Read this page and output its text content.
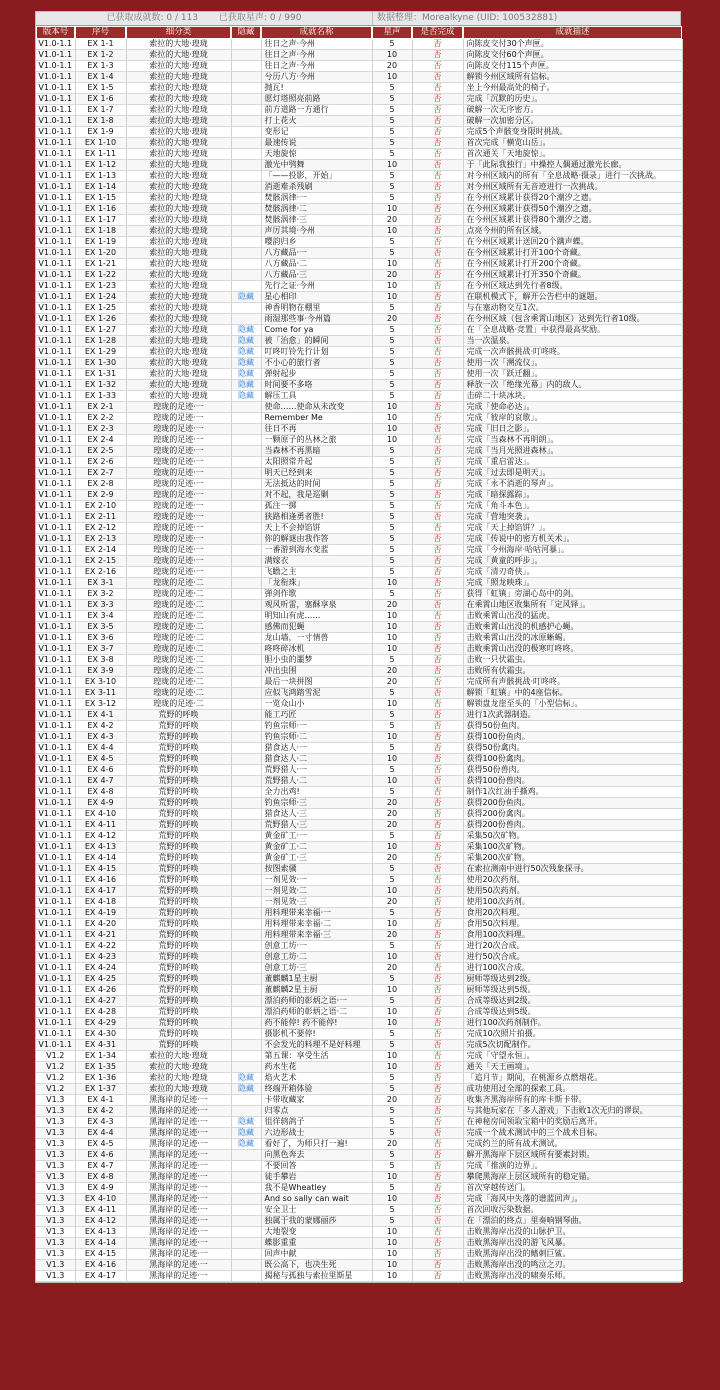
已获取成就数: 0 / 113 　　已获取星声: 0 / 990	数据整理：Morealkyne (UID: 100532881)
版本号	序号	细分类	隐藏	成就名称	星声	是否完成	成就描述

V1.0-1.1	EX 1-1	索拉的大地·瑝珑		往日之声·今州	5	否	向陈皮交付30个声匣。
V1.0-1.1	EX 1-2	索拉的大地·瑝珑		往日之声·今州	10	否	向陈皮交付60个声匣。
V1.0-1.1	EX 1-3	索拉的大地·瑝珑		往日之声·今州	20	否	向陈皮交付115个声匣。
V1.0-1.1	EX 1-4	索拉的大地·瑝珑		兮历八方·今州	10	否	解锁今州区域所有信标。
V1.0-1.1	EX 1-5	索拉的大地·瑝珑		抛瓦!	5	否	坐上今州最高处的椅子。
V1.0-1.1	EX 1-6	索拉的大地·瑝珑		愿灯塔照亮前路	5	否	完成「沉默的历史」。
V1.0-1.1	EX 1-7	索拉的大地·瑝珑		前方道路一方通行	5	否	破解一次无序密方。
V1.0-1.1	EX 1-8	索拉的大地·瑝珑		打上花火	5	否	破解一次加密分区。
V1.0-1.1	EX 1-9	索拉的大地·瑝珑		变形记	5	否	完成5个声骸变身限时挑战。
V1.0-1.1	EX 1-10	索拉的大地·瑝珑		最速传说	5	否	首次完成「横览山岳」。
V1.0-1.1	EX 1-11	索拉的大地·瑝珑		天地旋惊	5	否	首次通关「天地旋惊」。
V1.0-1.1	EX 1-12	索拉的大地·瑝珑		激光中鸮舞	10	否	于「此际我独行」中操控人偶通过激光长廊。
V1.0-1.1	EX 1-13	索拉的大地·瑝珑		「——投影，开始」	5	否	对今州区域内的所有「全息战略·摄录」进行一次挑战。
V1.0-1.1	EX 1-14	索拉的大地·瑝珑		消逝难杀残刷	5	否	对今州区域所有无音迹进行一次挑战。
V1.0-1.1	EX 1-15	索拉的大地·瑝珑		焚骸涡律·一	5	否	在今州区域累计获得20个潮汐之遗。
V1.0-1.1	EX 1-16	索拉的大地·瑝珑		焚骸涡律·二	10	否	在今州区域累计获得50个潮汐之遗。
V1.0-1.1	EX 1-17	索拉的大地·瑝珑		焚骸涡律·三	20	否	在今州区域累计获得80个潮汐之遗。
V1.0-1.1	EX 1-18	索拉的大地·瑝珑		声厉其境·今州	10	否	点亮今州的所有区域。
V1.0-1.1	EX 1-19	索拉的大地·瑝珑		嘤韵归乡	5	否	在今州区域累计送回20个蹒声蝶。
V1.0-1.1	EX 1-20	索拉的大地·瑝珑		八方藏品·一	5	否	在今州区域累计打开100个奇藏。
V1.0-1.1	EX 1-21	索拉的大地·瑝珑		八方藏品·二	10	否	在今州区域累计打开200个奇藏。
V1.0-1.1	EX 1-22	索拉的大地·瑝珑		八方藏品·三	20	否	在今州区域累计打开350个奇藏。
V1.0-1.1	EX 1-23	索拉的大地·瑝珑		先行之证·今州	10	否	在今州区域达到先行者8级。
V1.0-1.1	EX 1-24	索拉的大地·瑝珑	隐藏	星心相印	10	否	在联机模式下，解开公告栏中的谜题。
V1.0-1.1	EX 1-25	索拉的大地·瑝珑		神香明物在棚里	5	否	与在塞动物交互1次。
V1.0-1.1	EX 1-26	索拉的大地·瑝珑		雨湿那些事·今州篇	20	否	在今州区域（包含乘霄山地区）达到先行者10级。
V1.0-1.1	EX 1-27	索拉的大地·瑝珑	隐藏	Come for ya	5	否	在「全息战略·竞置」中获得最高奖励。
V1.0-1.1	EX 1-28	索拉的大地·瑝珑	隐藏	被「治愈」的瞬间	5	否	当一次温泉。
V1.0-1.1	EX 1-29	索拉的大地·瑝珑	隐藏	叮咚叮铃先行计划	5	否	完成一次声骸挑战·叮咚咚。
V1.0-1.1	EX 1-30	索拉的大地·瑝珑	隐藏	不小心的旅行者	5	否	使用一次「溯流仪」。
V1.0-1.1	EX 1-31	索拉的大地·瑝珑	隐藏	弹射起步	5	否	使用一次「跃迁翻」。
V1.0-1.1	EX 1-32	索拉的大地·瑝珑	隐藏	时间要不多咯	5	否	释放一次「绝缘光幕」内的敌人。
V1.0-1.1	EX 1-33	索拉的大地·瑝珑	隐藏	解压工具	5	否	击碎二十块冰块。
V1.0-1.1	EX 2-1	瑝珑的足迹·一		使命……使命从未改变	10	否	完成「使命必达」。
V1.0-1.1	EX 2-2	瑝珑的足迹·一		Remember Me	10	否	完成「彼岸的哀歌」。
V1.0-1.1	EX 2-3	瑝珑的足迹·一		往日不再	10	否	完成「旧日之影」。
V1.0-1.1	EX 2-4	瑝珑的足迹·一		一颗原子的丛林之旅	10	否	完成「当森林不再明朗」。
V1.0-1.1	EX 2-5	瑝珑的足迹·一		当森林不再黑暗	5	否	完成「当月光照进森林」。
V1.0-1.1	EX 2-6	瑝珑的足迹·一		太阳照常升起	5	否	完成「重启雷达」。
V1.0-1.1	EX 2-7	瑝珑的足迹·一		明天已经到来	5	否	完成「过去即是明天」。
V1.0-1.1	EX 2-8	瑝珑的足迹·一		无法抵达的时间	5	否	完成「永不消逝的琴声」。
V1.0-1.1	EX 2-9	瑝珑的足迹·一		对不起，我是巡剿	5	否	完成「暗探露踪」。
V1.0-1.1	EX 2-10	瑝珑的足迹·一		孤注一掷	5	否	完成「角斗本色」。
V1.0-1.1	EX 2-11	瑝珑的足迹·一		狭路相逢勇者胜!	5	否	完成「营地突袭」。
V1.0-1.1	EX 2-12	瑝珑的足迹·一		天上不会掉馅饼	5	否	完成「天上掉馅饼？」。
V1.0-1.1	EX 2-13	瑝珑的足迹·一		你的解谜由我作答	5	否	完成「传说中的密方机关术」。
V1.0-1.1	EX 2-14	瑝珑的足迹·一		一番游到海水变蓝	5	否	完成「今州海岸·哈咕河暴」。
V1.0-1.1	EX 2-15	瑝珑的足迹·一		满嫁衣	5	否	完成「黄童的呼步」。
V1.0-1.1	EX 2-16	瑝珑的足迹·一		飞瞻之主	5	否	完成「清刃奇侠」。
V1.0-1.1	EX 3-1	瑝珑的足迹·二		「龙衔珠」	10	否	完成「照龙映珠」。
V1.0-1.1	EX 3-2	瑝珑的足迹·二		弹剑作歌	5	否	获得「虹镇」旁湖心岛中的剑。
V1.0-1.1	EX 3-3	瑝珑的足迹·二		观风听雷，塞酥享泉	20	否	在乘霄山地区收集所有「定风铎」。
V1.0-1.1	EX 3-4	瑝珑的足迹·二		明知山有虎……	10	否	击败乘霄山出没的猛虎。
V1.0-1.1	EX 3-5	瑝珑的足迹·二		感佛而犯蝇	10	否	击败乘霄山出没的机感护心蝇。
V1.0-1.1	EX 3-6	瑝珑的足迹·二		龙山墙，一寸情兽	10	否	击败乘霄山出没的冰原蜥蜴。
V1.0-1.1	EX 3-7	瑝珑的足迹·二		咚咚碎冰机	10	否	击败乘霄山出没的极寒叮咚咚。
V1.0-1.1	EX 3-8	瑝珑的足迹·二		胆小虫的噩梦	5	否	击败一只伏霜虫。
V1.0-1.1	EX 3-9	瑝珑的足迹·二		冲出虫围	20	否	击败所有伏霜虫。
V1.0-1.1	EX 3-10	瑝珑的足迹·二		最后一块拼图	20	否	完成所有声骸挑战·叮咚咚。
V1.0-1.1	EX 3-11	瑝珑的足迹·二		应似飞鸿踏雪泥	5	否	解锁「虹镇」中的4座信标。
V1.0-1.1	EX 3-12	瑝珑的足迹·二		一览众山小	10	否	解锁盘龙崖至头的「小型信标」。
V1.0-1.1	EX 4-1	荒野的呼唤		能工巧匠	5	否	进行1次武器制造。
V1.0-1.1	EX 4-2	荒野的呼唤		钓鱼宗师·一	5	否	获得50份鱼肉。
V1.0-1.1	EX 4-3	荒野的呼唤		钓鱼宗师·二	10	否	获得100份鱼肉。
V1.0-1.1	EX 4-4	荒野的呼唤		猎食达人·一	5	否	获得50份禽肉。
V1.0-1.1	EX 4-5	荒野的呼唤		猎食达人·二	10	否	获得100份禽肉。
V1.0-1.1	EX 4-6	荒野的呼唤		荒野猎人·一	5	否	获得50份兽肉。
V1.0-1.1	EX 4-7	荒野的呼唤		荒野猎人·二	10	否	获得100份兽肉。
V1.0-1.1	EX 4-8	荒野的呼唤		全力出鸡!	5	否	制作1次红油手撕鸡。
V1.0-1.1	EX 4-9	荒野的呼唤		钓鱼宗师·三	20	否	获得200份鱼肉。
V1.0-1.1	EX 4-10	荒野的呼唤		猎食达人·三	20	否	获得200份禽肉。
V1.0-1.1	EX 4-11	荒野的呼唤		荒野猎人·三	20	否	获得200份兽肉。
V1.0-1.1	EX 4-12	荒野的呼唤		黄金矿工·一	5	否	采集50次矿物。
V1.0-1.1	EX 4-13	荒野的呼唤		黄金矿工·二	10	否	采集100次矿物。
V1.0-1.1	EX 4-14	荒野的呼唤		黄金矿工·三	20	否	采集200次矿物。
V1.0-1.1	EX 4-15	荒野的呼唤		按图索骥	5	否	在索拉测南中进行50次残象探寻。
V1.0-1.1	EX 4-16	荒野的呼唤		一剂见效·一	5	否	使用20次药剂。
V1.0-1.1	EX 4-17	荒野的呼唤		一剂见效·二	10	否	使用50次药剂。
V1.0-1.1	EX 4-18	荒野的呼唤		一剂见效·三	20	否	使用100次药剂。
V1.0-1.1	EX 4-19	荒野的呼唤		用料理带来幸福·一	5	否	食用20次料理。
V1.0-1.1	EX 4-20	荒野的呼唤		用料理带来幸福·二	10	否	食用50次料理。
V1.0-1.1	EX 4-21	荒野的呼唤		用料理带来幸福·三	20	否	食用100次料理。
V1.0-1.1	EX 4-22	荒野的呼唤		创意工坊·一	5	否	进行20次合成。
V1.0-1.1	EX 4-23	荒野的呼唤		创意工坊·二	10	否	进行50次合成。
V1.0-1.1	EX 4-24	荒野的呼唤		创意工坊·三	20	否	进行100次合成。
V1.0-1.1	EX 4-25	荒野的呼唤		董麒麟1星主厨	5	否	厨师等级达到2级。
V1.0-1.1	EX 4-26	荒野的呼唤		董麒麟2星主厨	10	否	厨师等级达到5级。
V1.0-1.1	EX 4-27	荒野的呼唤		漂泊药师的彰炳之语·一	5	否	合成等级达到2级。
V1.0-1.1	EX 4-28	荒野的呼唤		漂泊药师的彰炳之语·二	10	否	合成等级达到5级。
V1.0-1.1	EX 4-29	荒野的呼唤		药不能停! 药不能停!	10	否	进行100次药剂制作。
V1.0-1.1	EX 4-30	荒野的呼唤		摄影机不要停!	5	否	完成10次照片拍摄。
V1.0-1.1	EX 4-31	荒野的呼唤		不会发光的料理不是好料理	5	否	完成5次切配制作。
V1.2	EX 1-34	索拉的大地·瑝珑		第五课：享受生活	10	否	完成「守望永恒」。
V1.2	EX 1-35	索拉的大地·瑝珑		药水生花	10	否	通关「天王画境」。
V1.2	EX 1-36	索拉的大地·瑝珑	隐藏	焰火艺术	5	否	「追月节」期间，在桃源乡点燃烟花。
V1.2	EX 1-37	索拉的大地·瑝珑	隐藏	终端开箱体验	5	否	成功使用过全部的探索工具。
V1.3	EX 4-1	黑海岸的足迹·一		卡带收藏家	20	否	收集齐黑海岸所有的库卡斯卡带。
V1.3	EX 4-2	黑海岸的足迹·一		归零点	5	否	与其他玩家在「多人游戏」下击败1次无归的谬误。
V1.3	EX 4-3	黑海岸的足迹·一	隐藏	徂徉鸫鸽子	5	否	在神秘房间领取宝箱中的奖励后离开。
V1.3	EX 4-4	黑海岸的足迹·一	隐藏	六边形战士	5	否	完成一个战术测试中的三个战术目标。
V1.3	EX 4-5	黑海岸的足迹·一	隐藏	看好了，为师只打一遍!	20	否	完成约兰的所有战术测试。
V1.3	EX 4-6	黑海岸的足迹·一		向黑色奔去	5	否	解开黑海岸下层区域所有要素封锁。
V1.3	EX 4-7	黑海岸的足迹·一		不要回答	5	否	完成「推演的边界」。
V1.3	EX 4-8	黑海岸的足迹·一		徒手攀岩	10	否	攀爬黑海岸上层区域所有的稳定锚。
V1.3	EX 4-9	黑海岸的足迹·一		我不是Wheatley	5	否	首次穿越传送门。
V1.3	EX 4-10	黑海岸的足迹·一		And so sally can wait	10	否	完成「海风中失落的谱蓝回声」。
V1.3	EX 4-11	黑海岸的足迹·一		安全卫士	5	否	首次回收污染数据。
V1.3	EX 4-12	黑海岸的足迹·一		独属于我的蒙娜丽莎	5	否	在「漂泊的终点」里奏响钢琴曲。
V1.3	EX 4-13	黑海岸的足迹·一		大地裂变	10	否	击败黑海岸出没的山脉护卫。
V1.3	EX 4-14	黑海岸的足迹·一		蝶影重重	10	否	击败黑海岸出没的游飞风暴。
V1.3	EX 4-15	黑海岸的足迹·一		回声中献	10	否	击败黑海岸出没的鳍刺巨鲨。
V1.3	EX 4-16	黑海岸的足迹·一		既公高下，也决生死	10	否	击败黑海岸出没的鸣泣之刃。
V1.3	EX 4-17	黑海岸的足迹·一		揭秘与孤独与索拉里斯星	10	否	击败黑海岸出没的啸奏乐师。
